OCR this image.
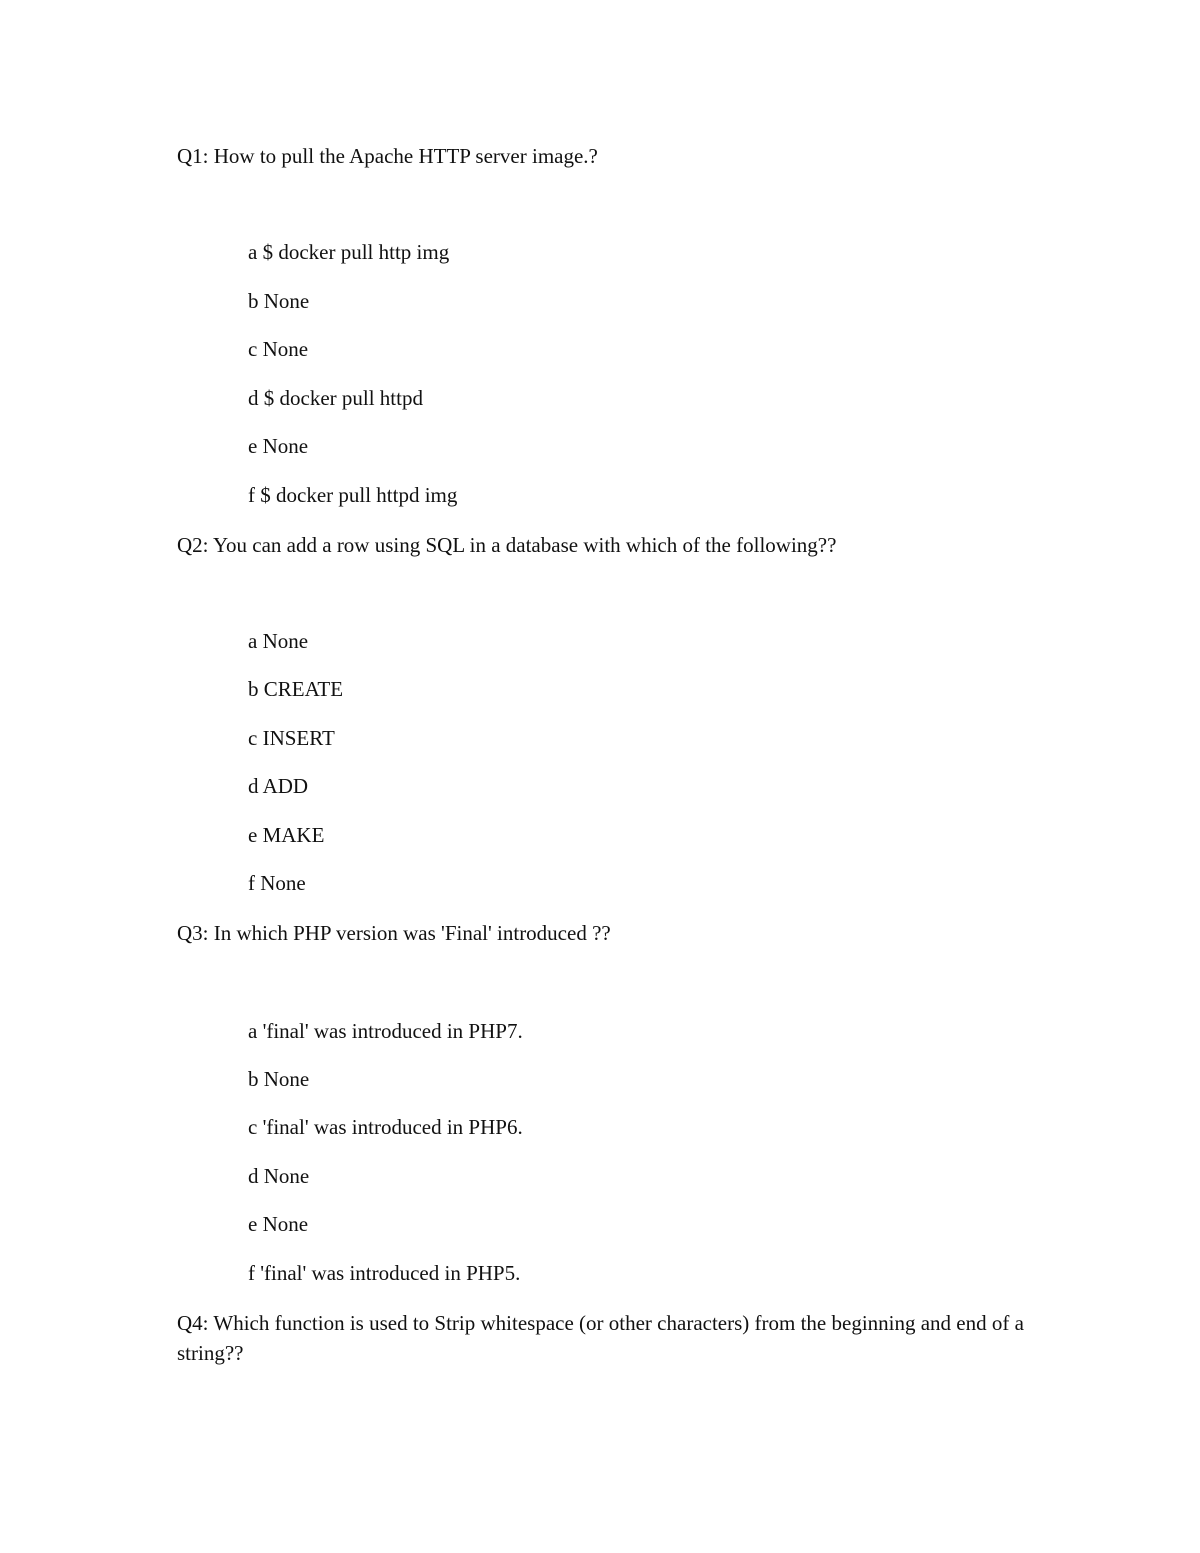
Q1: How to pull the Apache HTTP server image.?

a $ docker pull http img

b None

c None

d $ docker pull httpd

e None

f $ docker pull httpd img

Q2: You can add a row using SQL in a database with which of the following??

a None

b CREATE

c INSERT

d ADD

e MAKE

f None

Q3: In which PHP version was 'Final' introduced ??

a 'final' was introduced in PHP7.

b None

c 'final' was introduced in PHP6.

d None

e None

f 'final' was introduced in PHP5.

Q4: Which function is used to Strip whitespace (or other characters) from the beginning and end of a string??
